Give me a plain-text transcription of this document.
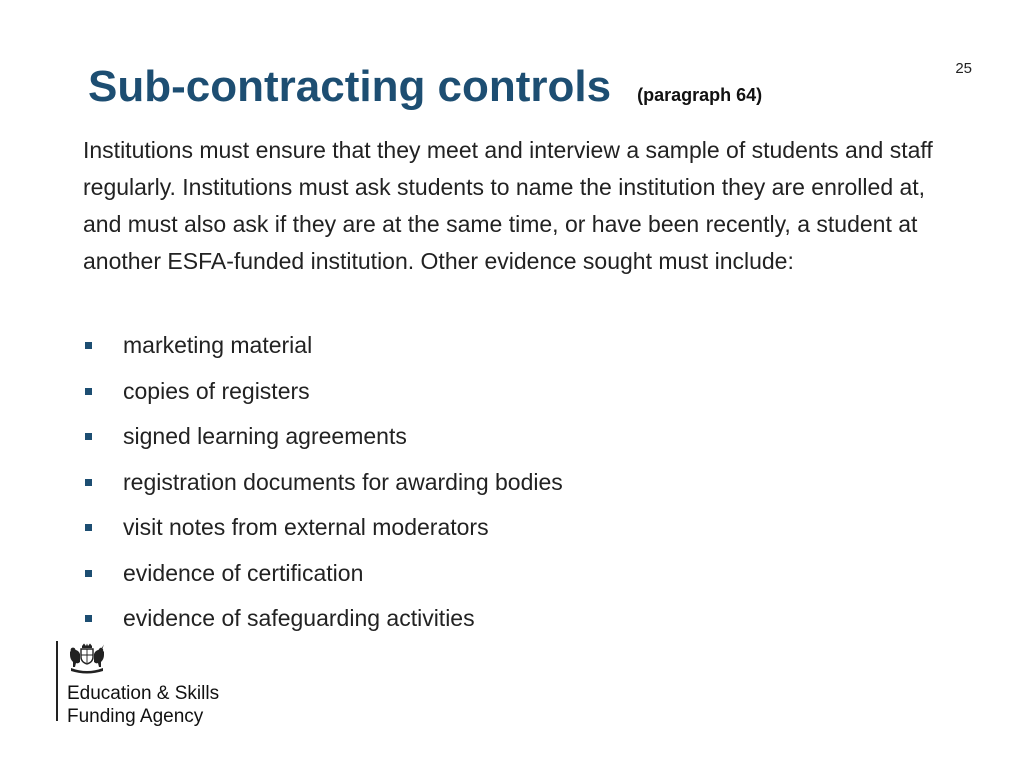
25
Sub-contracting controls (paragraph 64)
Institutions must ensure that they meet and interview a sample of students and staff regularly. Institutions must ask students to name the institution they are enrolled at, and must also ask if they are at the same time, or have been recently, a student at another ESFA-funded institution. Other evidence sought must include:
marketing material
copies of registers
signed learning agreements
registration documents for awarding bodies
visit notes from external moderators
evidence of certification
evidence of safeguarding activities
Education & Skills
Funding Agency
